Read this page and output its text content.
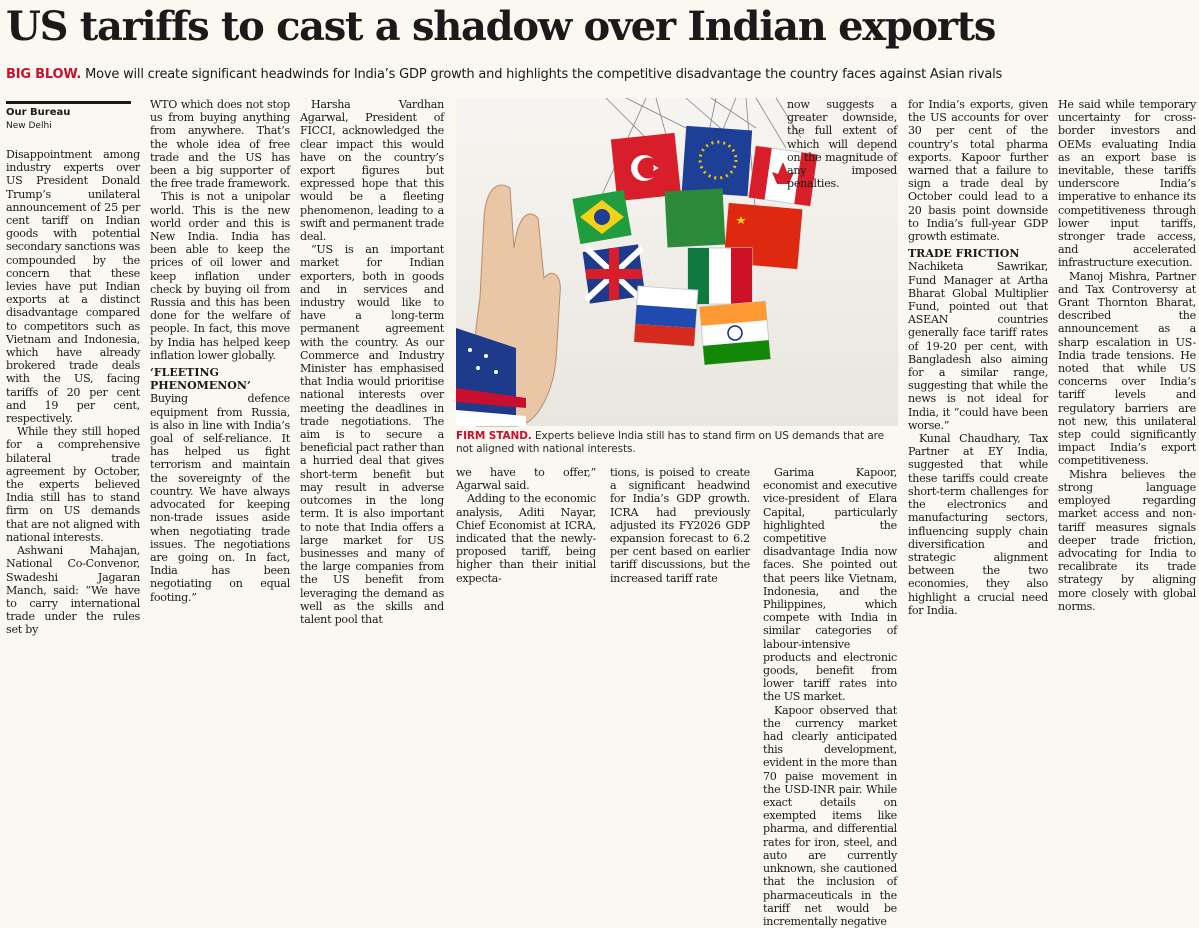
US tariffs to cast a shadow over Indian exports
BIG BLOW. Move will create significant headwinds for India’s GDP growth and highlights the competitive disadvantage the country faces against Asian rivals
Our Bureau
New Delhi

Disappointment among industry experts over US President Donald Trump’s unilateral announcement of 25 per cent tariff on Indian goods with potential secondary sanctions was compounded by the concern that these levies have put Indian exports at a distinct disadvantage compared to competitors such as Vietnam and Indonesia, which have already brokered trade deals with the US, facing tariffs of 20 per cent and 19 per cent, respectively.

While they still hoped for a comprehensive bilateral trade agreement by October, the experts believed India still has to stand firm on US demands that are not aligned with national interests.

Ashwani Mahajan, National Co-Convenor, Swadeshi Jagaran Manch, said: “We have to carry international trade under the rules set by

WTO which does not stop us from buying anything from anywhere. That’s the whole idea of free trade and the US has been a big supporter of the free trade framework.

This is not a unipolar world. This is the new world order and this is New India. India has been able to keep the prices of oil lower and keep inflation under check by buying oil from Russia and this has been done for the welfare of people. In fact, this move by India has helped keep inflation lower globally.

‘FLEETING PHENOMENON’

Buying defence equipment from Russia, is also in line with India’s goal of self-reliance. It has helped us fight terrorism and maintain the sovereignty of the country. We have always advocated for keeping non-trade issues aside when negotiating trade issues. The negotiations are going on. In fact, India has been negotiating on equal footing.”

Harsha Vardhan Agarwal, President of FICCI, acknowledged the clear impact this would have on the country’s export figures but expressed hope that this would be a fleeting phenomenon, leading to a swift and permanent trade deal.

“US is an important market for Indian exporters, both in goods and in services and industry would like to have a long-term permanent agreement with the country. As our Commerce and Industry Minister has emphasised that India would prioritise national interests over meeting the deadlines in trade negotiations. The aim is to secure a beneficial pact rather than a hurried deal that gives short-term benefit but may result in adverse outcomes in the long term. It is also important to note that India offers a large market for US businesses and many of the large companies from the US benefit from leveraging the demand as well as the skills and talent pool that

FIRM STAND. Experts believe India still has to stand firm on US demands that are not aligned with national interests.

we have to offer,” Agarwal said.

Adding to the economic analysis, Aditi Nayar, Chief Economist at ICRA, indicated that the newly-proposed tariff, being higher than their initial expecta-

now suggests a greater downside, the full extent of which will depend on the magnitude of any imposed penalties.

tions, is poised to create a significant headwind for India’s GDP growth. ICRA had previously adjusted its FY2026 GDP expansion forecast to 6.2 per cent based on earlier tariff discussions, but the increased tariff rate

Garima Kapoor, economist and executive vice-president of Elara Capital, particularly highlighted the competitive disadvantage India now faces. She pointed out that peers like Vietnam, Indonesia, and the Philippines, which compete with India in similar categories of labour-intensive products and electronic goods, benefit from lower tariff rates into the US market.

Kapoor observed that the currency market had clearly anticipated this development, evident in the more than 70 paise movement in the USD-INR pair. While exact details on exempted items like pharma, and differential rates for iron, steel, and auto are currently unknown, she cautioned that the inclusion of pharmaceuticals in the tariff net would be incrementally negative

for India’s exports, given the US accounts for over 30 per cent of the country’s total pharma exports. Kapoor further warned that a failure to sign a trade deal by October could lead to a 20 basis point downside to India’s full-year GDP growth estimate.

TRADE FRICTION

Nachiketa Sawrikar, Fund Manager at Artha Bharat Global Multiplier Fund, pointed out that ASEAN countries generally face tariff rates of 19-20 per cent, with Bangladesh also aiming for a similar range, suggesting that while the news is not ideal for India, it “could have been worse.”

Kunal Chaudhary, Tax Partner at EY India, suggested that while these tariffs could create short-term challenges for the electronics and manufacturing sectors, influencing supply chain diversification and strategic alignment between the two economies, they also highlight a crucial need for India.

He said while temporary uncertainty for cross-border investors and OEMs evaluating India as an export base is inevitable, these tariffs underscore India’s imperative to enhance its competitiveness through lower input tariffs, stronger trade access, and accelerated infrastructure execution.

Manoj Mishra, Partner and Tax Controversy at Grant Thornton Bharat, described the announcement as a sharp escalation in US-India trade tensions. He noted that while US concerns over India’s tariff levels and regulatory barriers are not new, this unilateral step could significantly impact India’s export competitiveness.

Mishra believes the strong language employed regarding market access and non-tariff measures signals deeper trade friction, advocating for India to recalibrate its trade strategy by aligning more closely with global norms.
